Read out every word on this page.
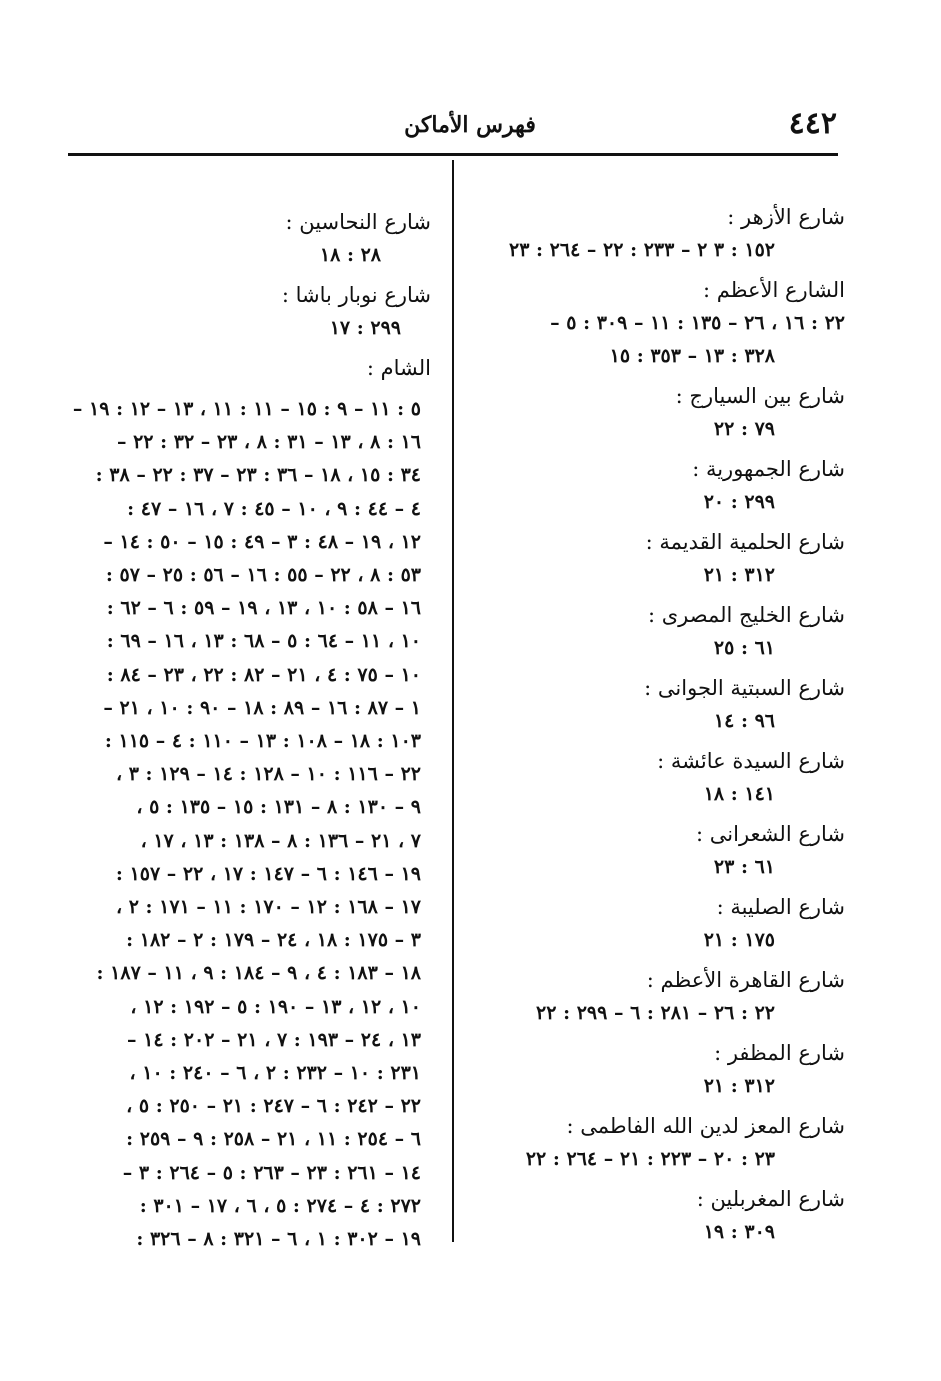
٤٤٢
فهرس الأماكن
شارع الأزهر :
١٥٢ : ٣ ٢ – ٢٣٣ : ٢٢ – ٢٦٤ : ٢٣
الشارع الأعظم :
٢٢ : ١٦ ، ٢٦ – ١٣٥ : ١١ – ٣٠٩ : ٥ –
٣٢٨ : ١٣ – ٣٥٣ : ١٥
شارع بين السيارج :
٧٩ : ٢٢
شارع الجمهورية :
٢٩٩ : ٢٠
شارع الحلمية القديمة :
٣١٢ : ٢١
شارع الخليج المصرى :
٦١ : ٢٥
شارع السبتية الجوانى :
٩٦ : ١٤
شارع السيدة عائشة :
١٤١ : ١٨
شارع الشعرانى :
٦١ : ٢٣
شارع الصليبة :
١٧٥ : ٢١
شارع القاهرة الأعظم :
٢٢ : ٢٦ – ٢٨١ : ٦ – ٢٩٩ : ٢٢
شارع المظفر :
٣١٢ : ٢١
شارع المعز لدين الله الفاطمى :
٢٣ : ٢٠ – ٢٢٣ : ٢١ – ٢٦٤ : ٢٢
شارع المغربلين :
٣٠٩ : ١٩
شارع النحاسين :
٢٨ : ١٨
شارع نوبار باشا :
٢٩٩ : ١٧
الشام :
٥ : ١١ – ٩ : ١٥ – ١١ : ١١ ، ١٣ – ١٢ : ١٩ –
١٦ : ٨ ، ١٣ – ٣١ : ٨ ، ٢٣ – ٣٢ : ٢٢ –
٣٤ : ١٥ ، ١٨ – ٣٦ : ٢٣ – ٣٧ : ٢٢ – ٣٨ :
٤ – ٤٤ : ٩ ، ١٠ – ٤٥ : ٧ ، ١٦ – ٤٧ :
١٢ ، ١٩ – ٤٨ : ٣ – ٤٩ : ١٥ – ٥٠ : ١٤ –
٥٣ : ٨ ، ٢٢ – ٥٥ : ١٦ – ٥٦ : ٢٥ – ٥٧ :
١٦ – ٥٨ : ١٠ ، ١٣ ، ١٩ – ٥٩ : ٦ – ٦٢ :
١٠ ، ١١ – ٦٤ : ٥ – ٦٨ : ١٣ ، ١٦ – ٦٩ :
١٠ – ٧٥ : ٤ ، ٢١ – ٨٢ : ٢٢ ، ٢٣ – ٨٤ :
١ – ٨٧ : ١٦ – ٨٩ : ١٨ – ٩٠ : ١٠ ، ٢١ –
١٠٣ : ١٨ – ١٠٨ : ١٣ – ١١٠ : ٤ – ١١٥ :
٢٢ – ١١٦ : ١٠ – ١٢٨ : ١٤ – ١٢٩ : ٣ ،
٩ – ١٣٠ : ٨ – ١٣١ : ١٥ – ١٣٥ : ٥ ،
٧ ، ٢١ – ١٣٦ : ٨ – ١٣٨ : ١٣ ، ١٧ ،
١٩ – ١٤٦ : ٦ – ١٤٧ : ١٧ ، ٢٢ – ١٥٧ :
١٧ – ١٦٨ : ١٢ – ١٧٠ : ١١ – ١٧١ : ٢ ،
٣ – ١٧٥ : ١٨ ، ٢٤ – ١٧٩ : ٢ – ١٨٢ :
١٨ – ١٨٣ : ٤ ، ٩ – ١٨٤ : ٩ ، ١١ – ١٨٧ :
١٠ ، ١٢ ، ١٣ – ١٩٠ : ٥ – ١٩٢ : ١٢ ،
١٣ ، ٢٤ – ١٩٣ : ٧ ، ٢١ – ٢٠٢ : ١٤ –
٢٣١ : ١٠ – ٢٣٢ : ٢ ، ٦ – ٢٤٠ : ١٠ ،
٢٢ – ٢٤٢ : ٦ – ٢٤٧ : ٢١ – ٢٥٠ : ٥ ،
٦ – ٢٥٤ : ١١ ، ٢١ – ٢٥٨ : ٩ – ٢٥٩ :
١٤ – ٢٦١ : ٢٣ – ٢٦٣ : ٥ – ٢٦٤ : ٣ –
٢٧٢ : ٤ – ٢٧٤ : ٥ ، ٦ ، ١٧ – ٣٠١ :
١٩ – ٣٠٢ : ١ ، ٦ – ٣٢١ : ٨ – ٣٢٦ :
